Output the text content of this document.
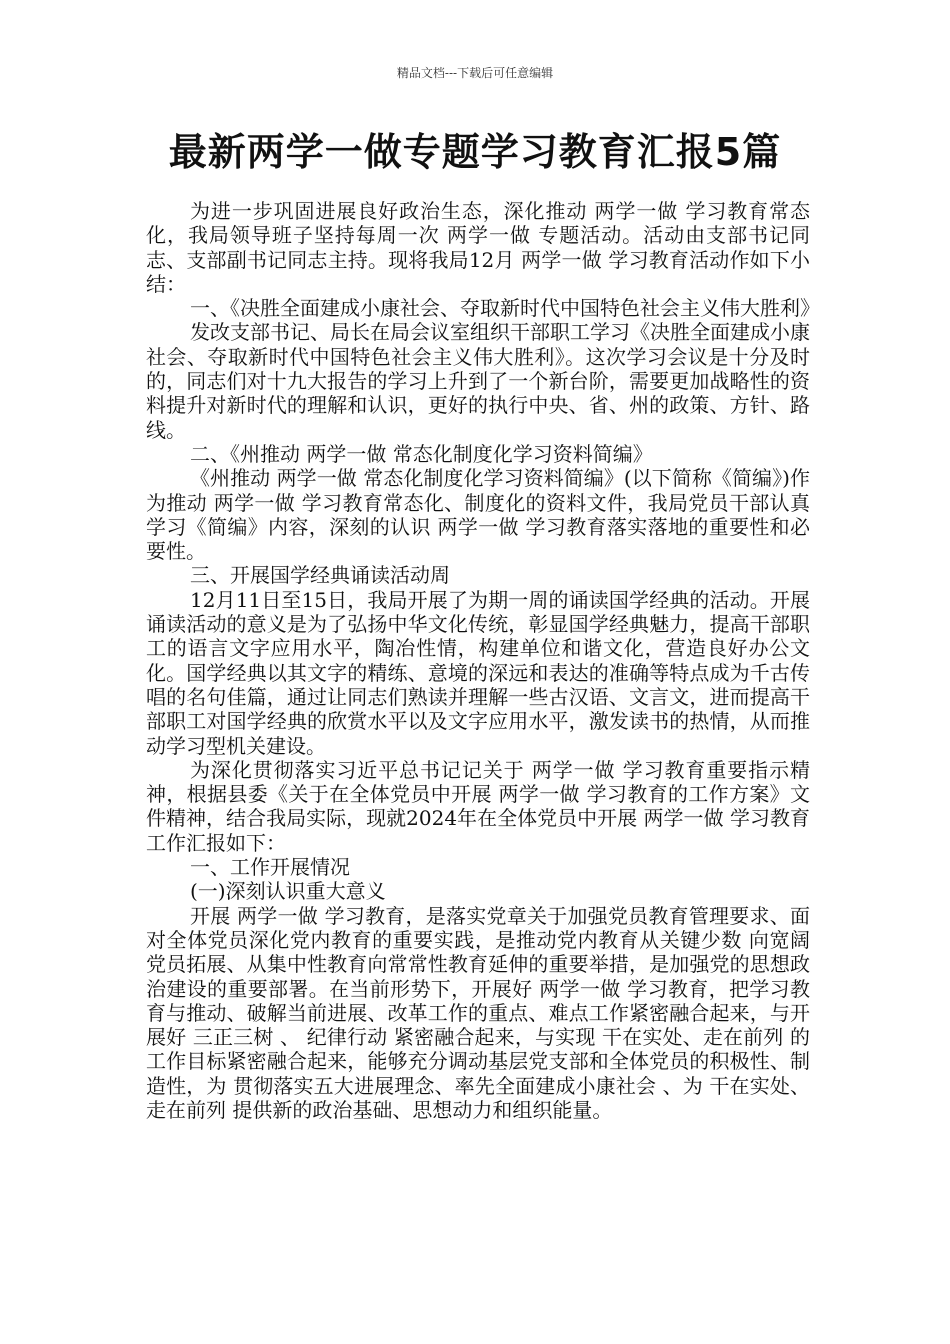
精品文档---下载后可任意编辑
最新两学一做专题学习教育汇报5篇

为进一步巩固进展良好政治生态，深化推动 两学一做 学习教育常态化，我局领导班子坚持每周一次 两学一做 专题活动。活动由支部书记同志、支部副书记同志主持。现将我局12月 两学一做 学习教育活动作如下小结：

一、《决胜全面建成小康社会、夺取新时代中国特色社会主义伟大胜利》

发改支部书记、局长在局会议室组织干部职工学习《决胜全面建成小康社会、夺取新时代中国特色社会主义伟大胜利》。这次学习会议是十分及时的，同志们对十九大报告的学习上升到了一个新台阶，需要更加战略性的资料提升对新时代的理解和认识，更好的执行中央、省、州的政策、方针、路线。

二、《州推动 两学一做 常态化制度化学习资料简编》

《州推动 两学一做 常态化制度化学习资料简编》(以下简称《简编》)作为推动 两学一做 学习教育常态化、制度化的资料文件，我局党员干部认真学习《简编》内容，深刻的认识 两学一做 学习教育落实落地的重要性和必要性。

三、开展国学经典诵读活动周

12月11日至15日，我局开展了为期一周的诵读国学经典的活动。开展诵读活动的意义是为了弘扬中华文化传统，彰显国学经典魅力，提高干部职工的语言文字应用水平，陶冶性情，构建单位和谐文化，营造良好办公文化。国学经典以其文字的精练、意境的深远和表达的准确等特点成为千古传唱的名句佳篇，通过让同志们熟读并理解一些古汉语、文言文，进而提高干部职工对国学经典的欣赏水平以及文字应用水平，激发读书的热情，从而推动学习型机关建设。

为深化贯彻落实习近平总书记记关于 两学一做 学习教育重要指示精神，根据县委《关于在全体党员中开展 两学一做 学习教育的工作方案》文件精神，结合我局实际，现就2024年在全体党员中开展 两学一做 学习教育工作汇报如下：

一、工作开展情况

(一)深刻认识重大意义

开展 两学一做 学习教育，是落实党章关于加强党员教育管理要求、面对全体党员深化党内教育的重要实践，是推动党内教育从关键少数 向宽阔党员拓展、从集中性教育向常常性教育延伸的重要举措，是加强党的思想政治建设的重要部署。在当前形势下，开展好 两学一做 学习教育，把学习教育与推动、破解当前进展、改革工作的重点、难点工作紧密融合起来，与开展好 三正三树 、 纪律行动 紧密融合起来，与实现 干在实处、走在前列 的工作目标紧密融合起来，能够充分调动基层党支部和全体党员的积极性、制造性，为 贯彻落实五大进展理念、率先全面建成小康社会 、为 干在实处、走在前列 提供新的政治基础、思想动力和组织能量。
